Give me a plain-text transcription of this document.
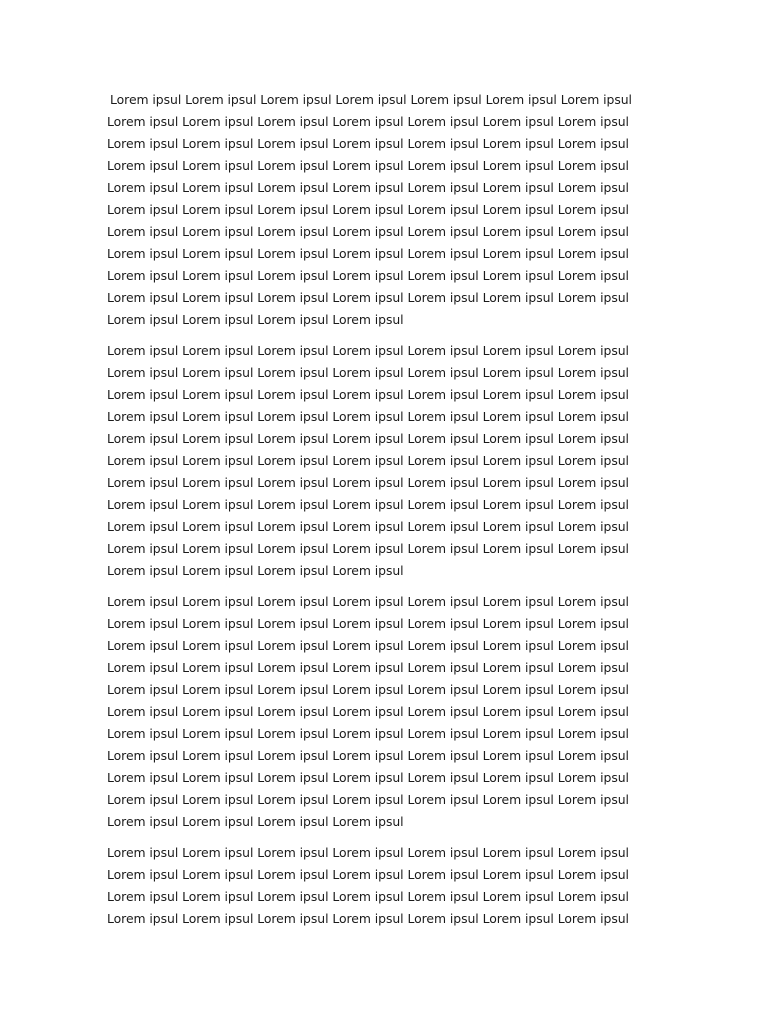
Lorem ipsul Lorem ipsul Lorem ipsul Lorem ipsul Lorem ipsul Lorem ipsul Lorem ipsul
Lorem ipsul Lorem ipsul Lorem ipsul Lorem ipsul Lorem ipsul Lorem ipsul Lorem ipsul
Lorem ipsul Lorem ipsul Lorem ipsul Lorem ipsul Lorem ipsul Lorem ipsul Lorem ipsul
Lorem ipsul Lorem ipsul Lorem ipsul Lorem ipsul Lorem ipsul Lorem ipsul Lorem ipsul
Lorem ipsul Lorem ipsul Lorem ipsul Lorem ipsul Lorem ipsul Lorem ipsul Lorem ipsul
Lorem ipsul Lorem ipsul Lorem ipsul Lorem ipsul Lorem ipsul Lorem ipsul Lorem ipsul
Lorem ipsul Lorem ipsul Lorem ipsul Lorem ipsul Lorem ipsul Lorem ipsul Lorem ipsul
Lorem ipsul Lorem ipsul Lorem ipsul Lorem ipsul Lorem ipsul Lorem ipsul Lorem ipsul
Lorem ipsul Lorem ipsul Lorem ipsul Lorem ipsul Lorem ipsul Lorem ipsul Lorem ipsul
Lorem ipsul Lorem ipsul Lorem ipsul Lorem ipsul Lorem ipsul Lorem ipsul Lorem ipsul
Lorem ipsul Lorem ipsul Lorem ipsul Lorem ipsul
Lorem ipsul Lorem ipsul Lorem ipsul Lorem ipsul Lorem ipsul Lorem ipsul Lorem ipsul
Lorem ipsul Lorem ipsul Lorem ipsul Lorem ipsul Lorem ipsul Lorem ipsul Lorem ipsul
Lorem ipsul Lorem ipsul Lorem ipsul Lorem ipsul Lorem ipsul Lorem ipsul Lorem ipsul
Lorem ipsul Lorem ipsul Lorem ipsul Lorem ipsul Lorem ipsul Lorem ipsul Lorem ipsul
Lorem ipsul Lorem ipsul Lorem ipsul Lorem ipsul Lorem ipsul Lorem ipsul Lorem ipsul
Lorem ipsul Lorem ipsul Lorem ipsul Lorem ipsul Lorem ipsul Lorem ipsul Lorem ipsul
Lorem ipsul Lorem ipsul Lorem ipsul Lorem ipsul Lorem ipsul Lorem ipsul Lorem ipsul
Lorem ipsul Lorem ipsul Lorem ipsul Lorem ipsul Lorem ipsul Lorem ipsul Lorem ipsul
Lorem ipsul Lorem ipsul Lorem ipsul Lorem ipsul Lorem ipsul Lorem ipsul Lorem ipsul
Lorem ipsul Lorem ipsul Lorem ipsul Lorem ipsul Lorem ipsul Lorem ipsul Lorem ipsul
Lorem ipsul Lorem ipsul Lorem ipsul Lorem ipsul
Lorem ipsul Lorem ipsul Lorem ipsul Lorem ipsul Lorem ipsul Lorem ipsul Lorem ipsul
Lorem ipsul Lorem ipsul Lorem ipsul Lorem ipsul Lorem ipsul Lorem ipsul Lorem ipsul
Lorem ipsul Lorem ipsul Lorem ipsul Lorem ipsul Lorem ipsul Lorem ipsul Lorem ipsul
Lorem ipsul Lorem ipsul Lorem ipsul Lorem ipsul Lorem ipsul Lorem ipsul Lorem ipsul
Lorem ipsul Lorem ipsul Lorem ipsul Lorem ipsul Lorem ipsul Lorem ipsul Lorem ipsul
Lorem ipsul Lorem ipsul Lorem ipsul Lorem ipsul Lorem ipsul Lorem ipsul Lorem ipsul
Lorem ipsul Lorem ipsul Lorem ipsul Lorem ipsul Lorem ipsul Lorem ipsul Lorem ipsul
Lorem ipsul Lorem ipsul Lorem ipsul Lorem ipsul Lorem ipsul Lorem ipsul Lorem ipsul
Lorem ipsul Lorem ipsul Lorem ipsul Lorem ipsul Lorem ipsul Lorem ipsul Lorem ipsul
Lorem ipsul Lorem ipsul Lorem ipsul Lorem ipsul Lorem ipsul Lorem ipsul Lorem ipsul
Lorem ipsul Lorem ipsul Lorem ipsul Lorem ipsul
Lorem ipsul Lorem ipsul Lorem ipsul Lorem ipsul Lorem ipsul Lorem ipsul Lorem ipsul
Lorem ipsul Lorem ipsul Lorem ipsul Lorem ipsul Lorem ipsul Lorem ipsul Lorem ipsul
Lorem ipsul Lorem ipsul Lorem ipsul Lorem ipsul Lorem ipsul Lorem ipsul Lorem ipsul
Lorem ipsul Lorem ipsul Lorem ipsul Lorem ipsul Lorem ipsul Lorem ipsul Lorem ipsul
